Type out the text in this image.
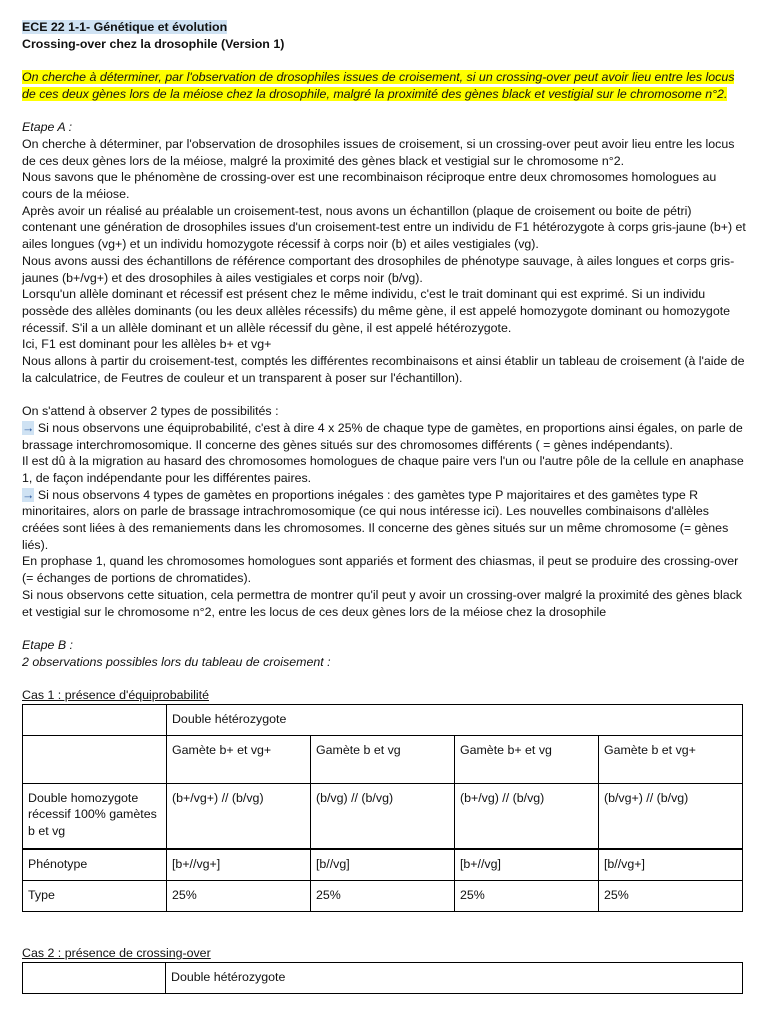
ECE 22 1-1- Génétique et évolution

Crossing-over chez la drosophile (Version 1)

On cherche à déterminer, par l'observation de drosophiles issues de croisement, si un crossing-over peut avoir lieu entre les locus de ces deux gènes lors de la méiose chez la drosophile, malgré la proximité des gènes black et vestigial sur le chromosome n°2.

Etape A :

On cherche à déterminer, par l'observation de drosophiles issues de croisement, si un crossing-over peut avoir lieu entre les locus de ces deux gènes lors de la méiose, malgré la proximité des gènes black et vestigial sur le chromosome n°2.

Nous savons que le phénomène de crossing-over est une recombinaison réciproque entre deux chromosomes homologues au cours de la méiose.

Après avoir un réalisé au préalable un croisement-test, nous avons un échantillon (plaque de croisement ou boite de pétri) contenant une génération de drosophiles issues d'un croisement-test entre un individu de F1 hétérozygote à corps gris-jaune (b+) et ailes longues (vg+) et un individu homozygote récessif à corps noir (b) et ailes vestigiales (vg).

Nous avons aussi des échantillons de référence comportant des drosophiles de phénotype sauvage, à ailes longues et corps gris-jaunes (b+/vg+) et des drosophiles à ailes vestigiales et corps noir (b/vg).

Lorsqu'un allèle dominant et récessif est présent chez le même individu, c'est le trait dominant qui est exprimé. Si un individu possède des allèles dominants (ou les deux allèles récessifs) du même gène, il est appelé homozygote dominant ou homozygote récessif. S'il a un allèle dominant et un allèle récessif du gène, il est appelé hétérozygote.

Ici, F1 est dominant pour les allèles b+ et vg+

Nous allons à partir du croisement-test, comptés les différentes recombinaisons et ainsi établir un tableau de croisement (à l'aide de la calculatrice, de Feutres de couleur et un transparent à poser sur l'échantillon).

On s'attend à observer 2 types de possibilités :

→ Si nous observons une équiprobabilité, c'est à dire 4 x 25% de chaque type de gamètes, en proportions ainsi égales, on parle de brassage interchromosomique. Il concerne des gènes situés sur des chromosomes différents ( = gènes indépendants).

Il est dû à la migration au hasard des chromosomes homologues de chaque paire vers l'un ou l'autre pôle de la cellule en anaphase 1, de façon indépendante pour les différentes paires.

→ Si nous observons 4 types de gamètes en proportions inégales : des gamètes type P majoritaires et des gamètes type R minoritaires, alors on parle de brassage intrachromosomique (ce qui nous intéresse ici). Les nouvelles combinaisons d'allèles créées sont liées à des remaniements dans les chromosomes. Il concerne des gènes situés sur un même chromosome (= gènes liés).

En prophase 1, quand les chromosomes homologues sont appariés et forment des chiasmas, il peut se produire des crossing-over (= échanges de portions de chromatides).

Si nous observons cette situation, cela permettra de montrer qu'il peut y avoir un crossing-over malgré la proximité des gènes black et vestigial sur le chromosome n°2, entre les locus de ces deux gènes lors de la méiose chez la drosophile

Etape B :

2 observations possibles lors du tableau de croisement :

Cas 1 : présence d'équiprobabilité

	Double hétérozygote			
	Gamète b+ et vg+	Gamète b et vg	Gamète b+ et vg	Gamète b et vg+
Double homozygote récessif 100% gamètes b et vg	(b+/vg+) // (b/vg)	(b/vg) // (b/vg)	(b+/vg) // (b/vg)	(b/vg+) // (b/vg)
Phénotype	[b+//vg+]	[b//vg]	[b+//vg]	[b//vg+]
Type	25%	25%	25%	25%

Cas 2 : présence de crossing-over

	Double hétérozygote
